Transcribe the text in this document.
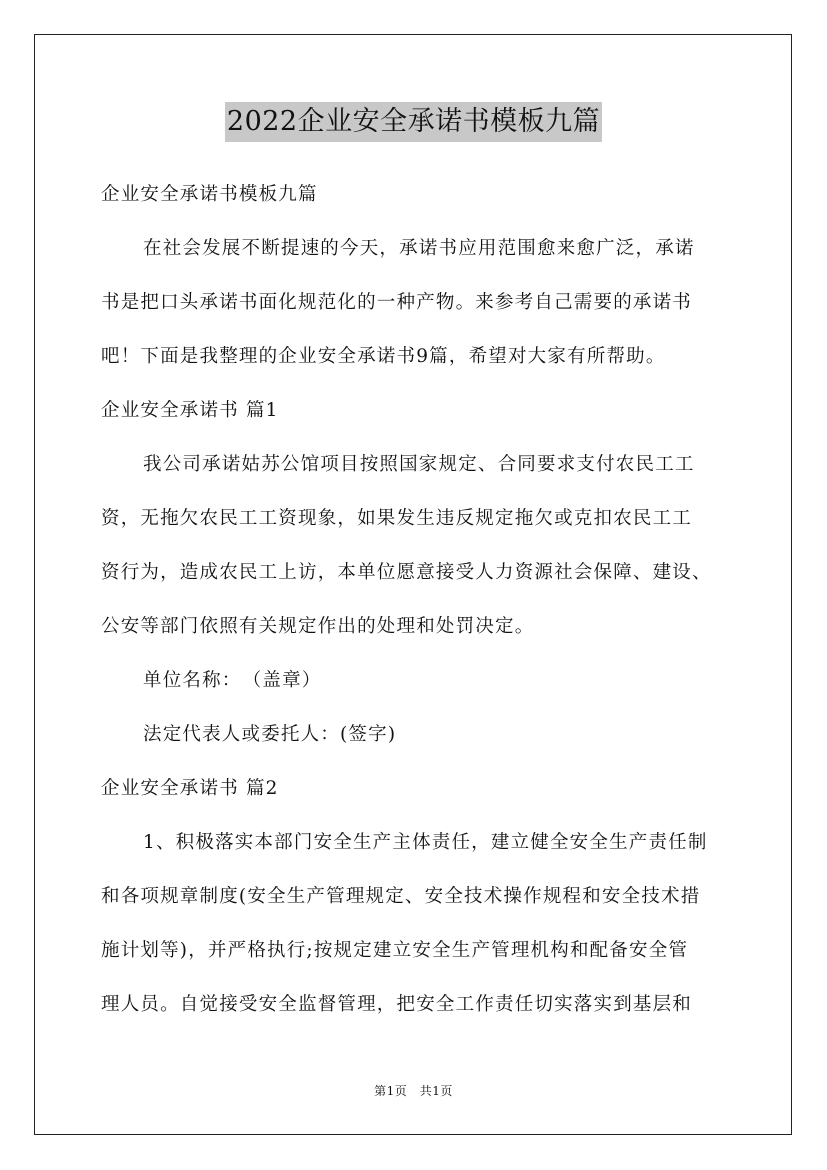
2022企业安全承诺书模板九篇
企业安全承诺书模板九篇
在社会发展不断提速的今天，承诺书应用范围愈来愈广泛，承诺
书是把口头承诺书面化规范化的一种产物。来参考自己需要的承诺书
吧！下面是我整理的企业安全承诺书9篇，希望对大家有所帮助。
企业安全承诺书 篇1
我公司承诺姑苏公馆项目按照国家规定、合同要求支付农民工工
资，无拖欠农民工工资现象，如果发生违反规定拖欠或克扣农民工工
资行为，造成农民工上访，本单位愿意接受人力资源社会保障、建设、
公安等部门依照有关规定作出的处理和处罚决定。
单位名称：　（盖章）
法定代表人或委托人：(签字)
企业安全承诺书 篇2
1、积极落实本部门安全生产主体责任，建立健全安全生产责任制
和各项规章制度(安全生产管理规定、安全技术操作规程和安全技术措
施计划等)，并严格执行;按规定建立安全生产管理机构和配备安全管
理人员。自觉接受安全监督管理，把安全工作责任切实落实到基层和
第1页　共1页
